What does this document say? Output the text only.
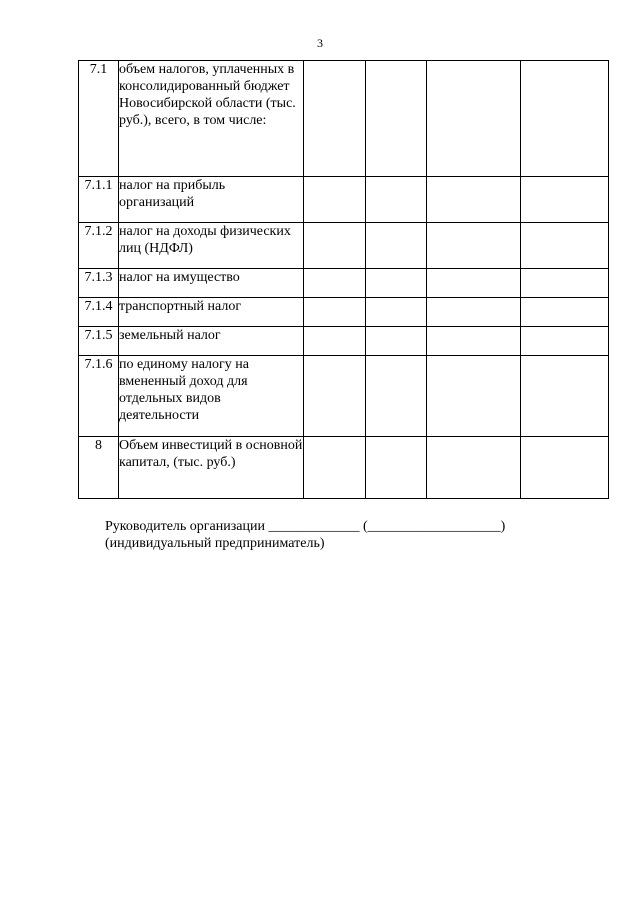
3
7.1	объем налогов, уплаченных в консолидированный бюджет Новосибирской области (тыс. руб.), всего, в том числе:				
7.1.1	налог на прибыль организаций				
7.1.2	налог на доходы физических лиц (НДФЛ)				
7.1.3	налог на имущество				
7.1.4	транспортный налог				
7.1.5	земельный налог				
7.1.6	по единому налогу на вмененный доход для отдельных видов деятельности				
8	Объем инвестиций в основной капитал, (тыс. руб.)				
Руководитель организации _____________ (___________________)
(индивидуальный предприниматель)
